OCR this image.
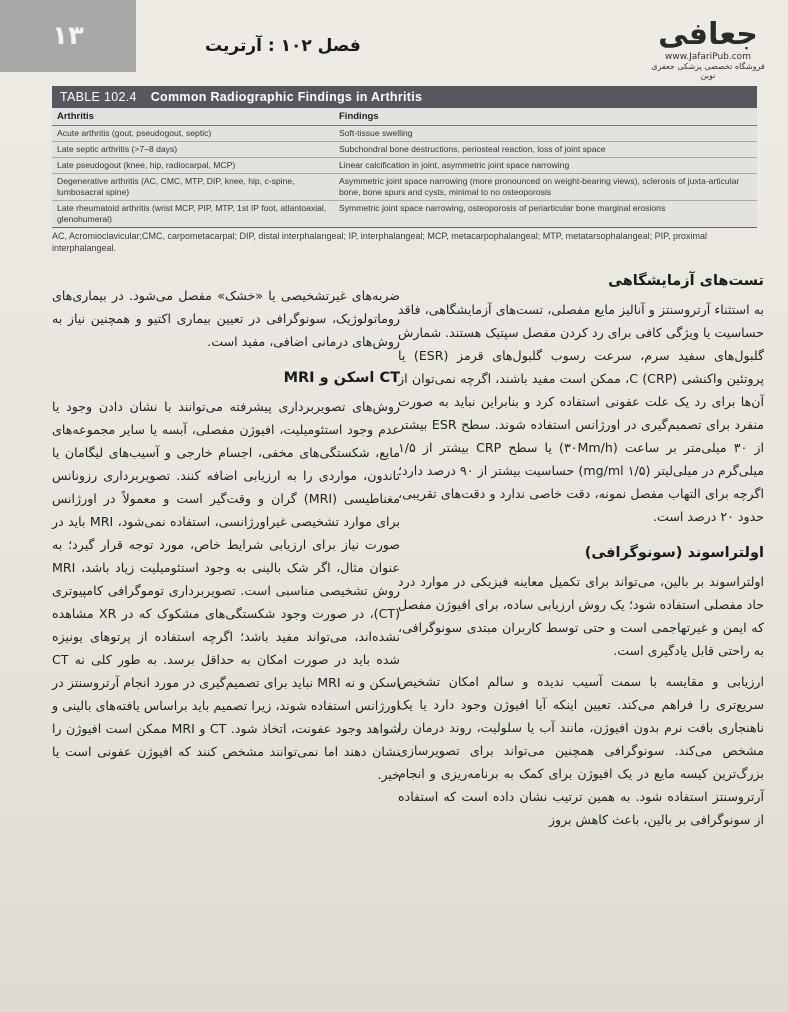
۱۳	فصل ۱۰۲ : آرتریت	جعافی
www.JafariPub.com
فروشگاه تخصصی پزشکی جعفری نوین
TABLE 102.4 Common Radiographic Findings in Arthritis
Arthritis	Findings
Acute arthritis (gout, pseudogout, septic)	Soft-tissue swelling
Late septic arthritis (>7–8 days)	Subchondral bone destructions, periosteal reaction, loss of joint space
Late pseudogout (knee, hip, radiocarpal, MCP)	Linear calcification in joint, asymmetric joint space narrowing
Degenerative arthritis (AC, CMC, MTP, DIP, knee, hip, c-spine, lumbosacral spine)	Asymmetric joint space narrowing (more pronounced on weight-bearing views), sclerosis of juxta-articular bone, bone spurs and cysts, minimal to no osteoporosis
Late rheumatoid arthritis (wrist MCP, PIP, MTP, 1st IP foot, atlantoaxial, glenohumeral)	Symmetric joint space narrowing, osteoporosis of periarticular bone marginal erosions
AC, Acromioclavicular;CMC, carpometacarpal; DIP, distal interphalangeal; IP, interphalangeal; MCP, metacarpophalangeal; MTP, metatarsophalangeal; PIP, proximal interphalangeal.
تست‌های آزمایشگاهی

به استثناء آرتروسنتز و آنالیز مایع مفصلی، تست‌های آزمایشگاهی، فاقد حساسیت یا ویژگی کافی برای رد کردن مفصل سپتیک هستند. شمارش گلبول‌های سفید سرم، سرعت رسوب گلبول‌های قرمز (ESR) یا پروتئین واکنشی C (CRP)، ممکن است مفید باشند، اگرچه نمی‌توان از آن‌ها برای رد یک علت عفونی استفاده کرد و بنابراین نباید به صورت منفرد برای تصمیم‌گیری در اورژانس استفاده شوند. سطح ESR بیشتر از ۳۰ میلی‌متر بر ساعت (۳۰Mm/h) یا سطح CRP بیشتر از ۱/۵ میلی‌گرم در میلی‌لیتر (۱/۵ mg/ml) حساسیت بیشتر از ۹۰ درصد دارد؛ اگرچه برای التهاب مفصل نمونه، دقت خاصی ندارد و دقت‌های تقریبی، حدود ۲۰ درصد است.

اولتراسوند (سونوگرافی)

اولتراسوند بر بالین، می‌تواند برای تکمیل معاینه فیزیکی در موارد درد حاد مفصلی استفاده شود؛ یک روش ارزیابی ساده، برای افیوژن مفصل که ایمن و غیرتهاجمی است و حتی توسط کاربران مبتدی سونوگرافی، به راحتی قابل یادگیری است.

ارزیابی و مقایسه با سمت آسیب ندیده و سالم امکان تشخیص سریع‌تری را فراهم می‌کند. تعیین اینکه آیا افیوژن وجود دارد یا یک ناهنجاری بافت نرم بدون افیوژن، مانند آب یا سلولیت، روند درمان را مشخص می‌کند. سونوگرافی همچنین می‌تواند برای تصویرسازی بزرگ‌ترین کیسه مایع در یک افیوژن برای کمک به برنامه‌ریزی و انجام آرتروسنتز استفاده شود. به همین ترتیب نشان داده است که استفاده از سونوگرافی بر بالین، باعث کاهش بروز

ضربه‌های غیرتشخیصی یا «خشک» مفصل می‌شود. در بیماری‌های روماتولوژیک، سونوگرافی در تعیین بیماری اکتیو و همچنین نیاز به روش‌های درمانی اضافی، مفید است.

CT اسکن و MRI

روش‌های تصویربرداری پیشرفته می‌توانند با نشان دادن وجود یا عدم وجود استئومیلیت، افیوژن مفصلی، آبسه یا سایر مجموعه‌های مایع، شکستگی‌های مخفی، اجسام خارجی و آسیب‌های لیگامان یا تاندون، مواردی را به ارزیابی اضافه کنند. تصویربرداری رزونانس مغناطیسی (MRI) گران و وقت‌گیر است و معمولاً در اورژانس برای موارد تشخیصی غیراورژانسی، استفاده نمی‌شود، MRI باید در صورت نیاز برای ارزیابی شرایط خاص، مورد توجه قرار گیرد؛ به عنوان مثال، اگر شک بالینی به وجود استئومیلیت زیاد باشد، MRI روش تشخیصی مناسبی است. تصویربرداری توموگرافی کامپیوتری (CT)، در صورت وجود شکستگی‌های مشکوک که در XR مشاهده نشده‌اند، می‌تواند مفید باشد؛ اگرچه استفاده از پرتوهای یونیزه شده باید در صورت امکان به حداقل برسد. به طور کلی نه CT اسکن و نه MRI نباید برای تصمیم‌گیری در مورد انجام آرتروسنتز در اورژانس استفاده شوند، زیرا تصمیم باید براساس یافته‌های بالینی و شواهد وجود عفونت، اتخاذ شود. CT و MRI ممکن است افیوژن را نشان دهند اما نمی‌توانند مشخص کنند که افیوژن عفونی است یا خیر.
